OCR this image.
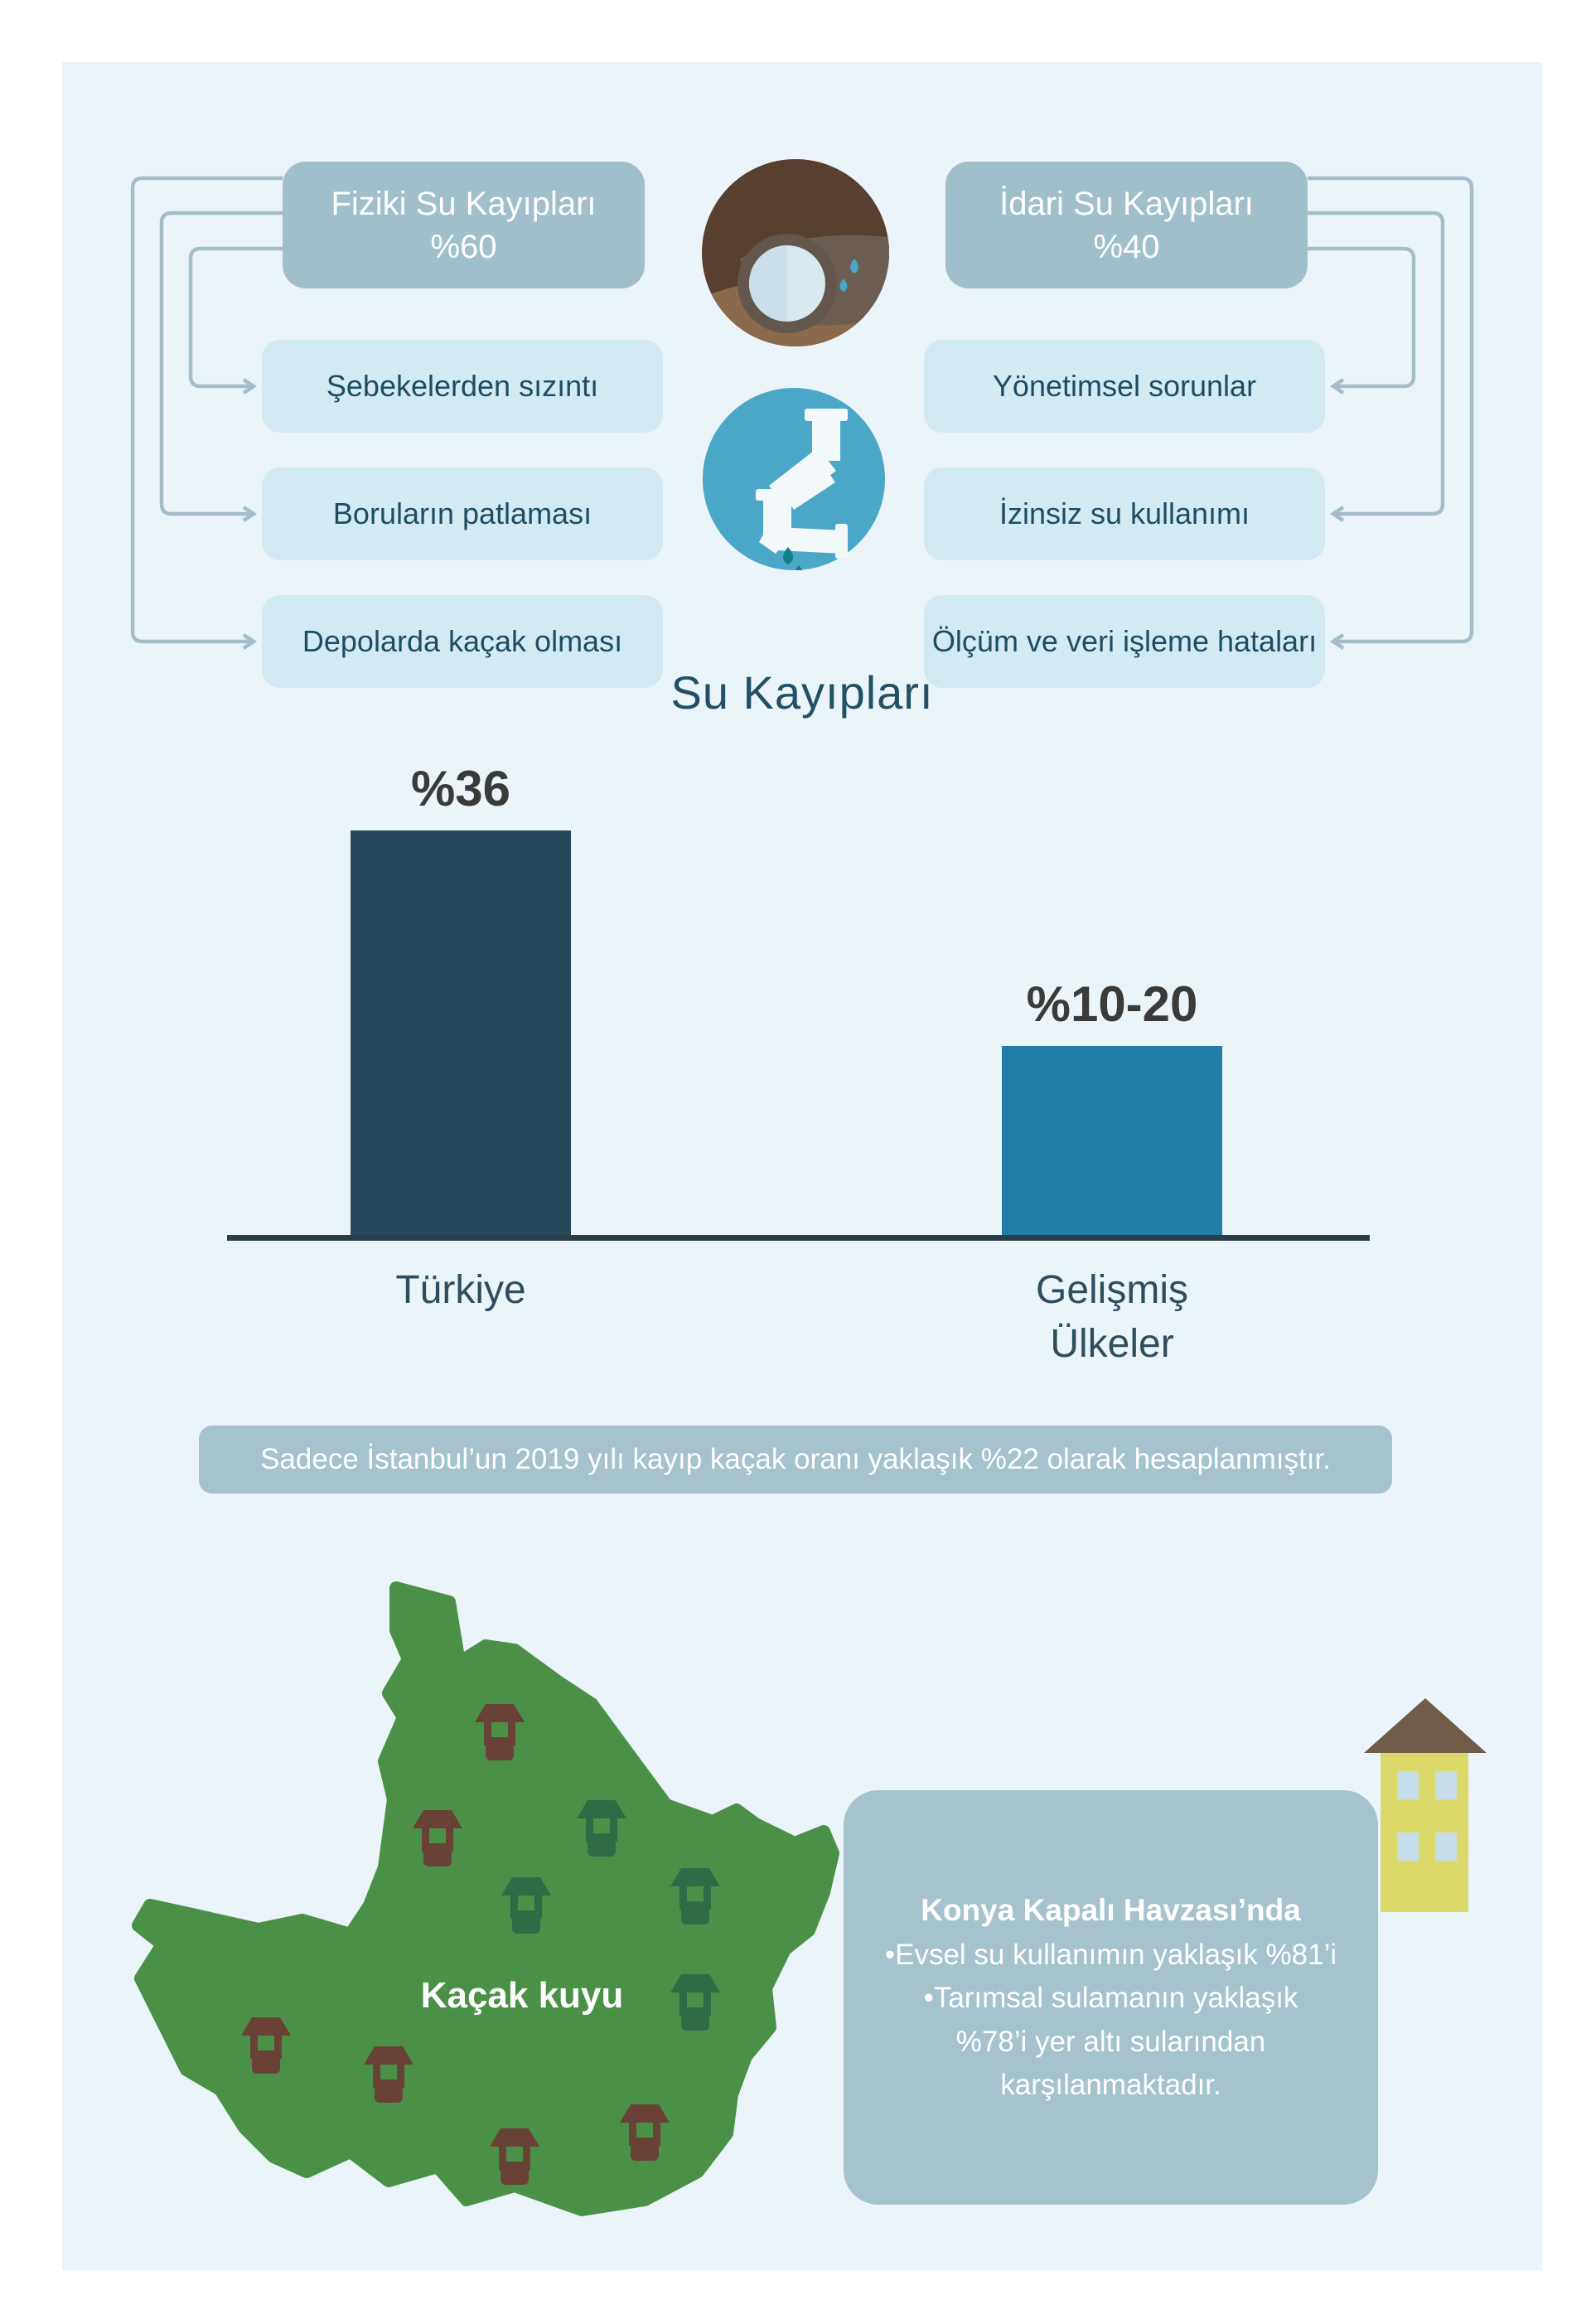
Fiziki Su Kayıpları
%60
İdari Su Kayıpları
%40
Şebekelerden sızıntı
Boruların patlaması
Depolarda kaçak olması
Yönetimsel sorunlar
İzinsiz su kullanımı
Ölçüm ve veri işleme hataları
Su Kayıpları
%36
%10-20
Türkiye	Gelişmiş
Ülkeler
Sadece İstanbul’un 2019 yılı kayıp kaçak oranı yaklaşık %22 olarak hesaplanmıştır.
Kaçak kuyu
Konya Kapalı Havzası’nda
•Evsel su kullanımın yaklaşık %81’i
•Tarımsal sulamanın yaklaşık
%78’i yer altı sularından karşılanmaktadır.
